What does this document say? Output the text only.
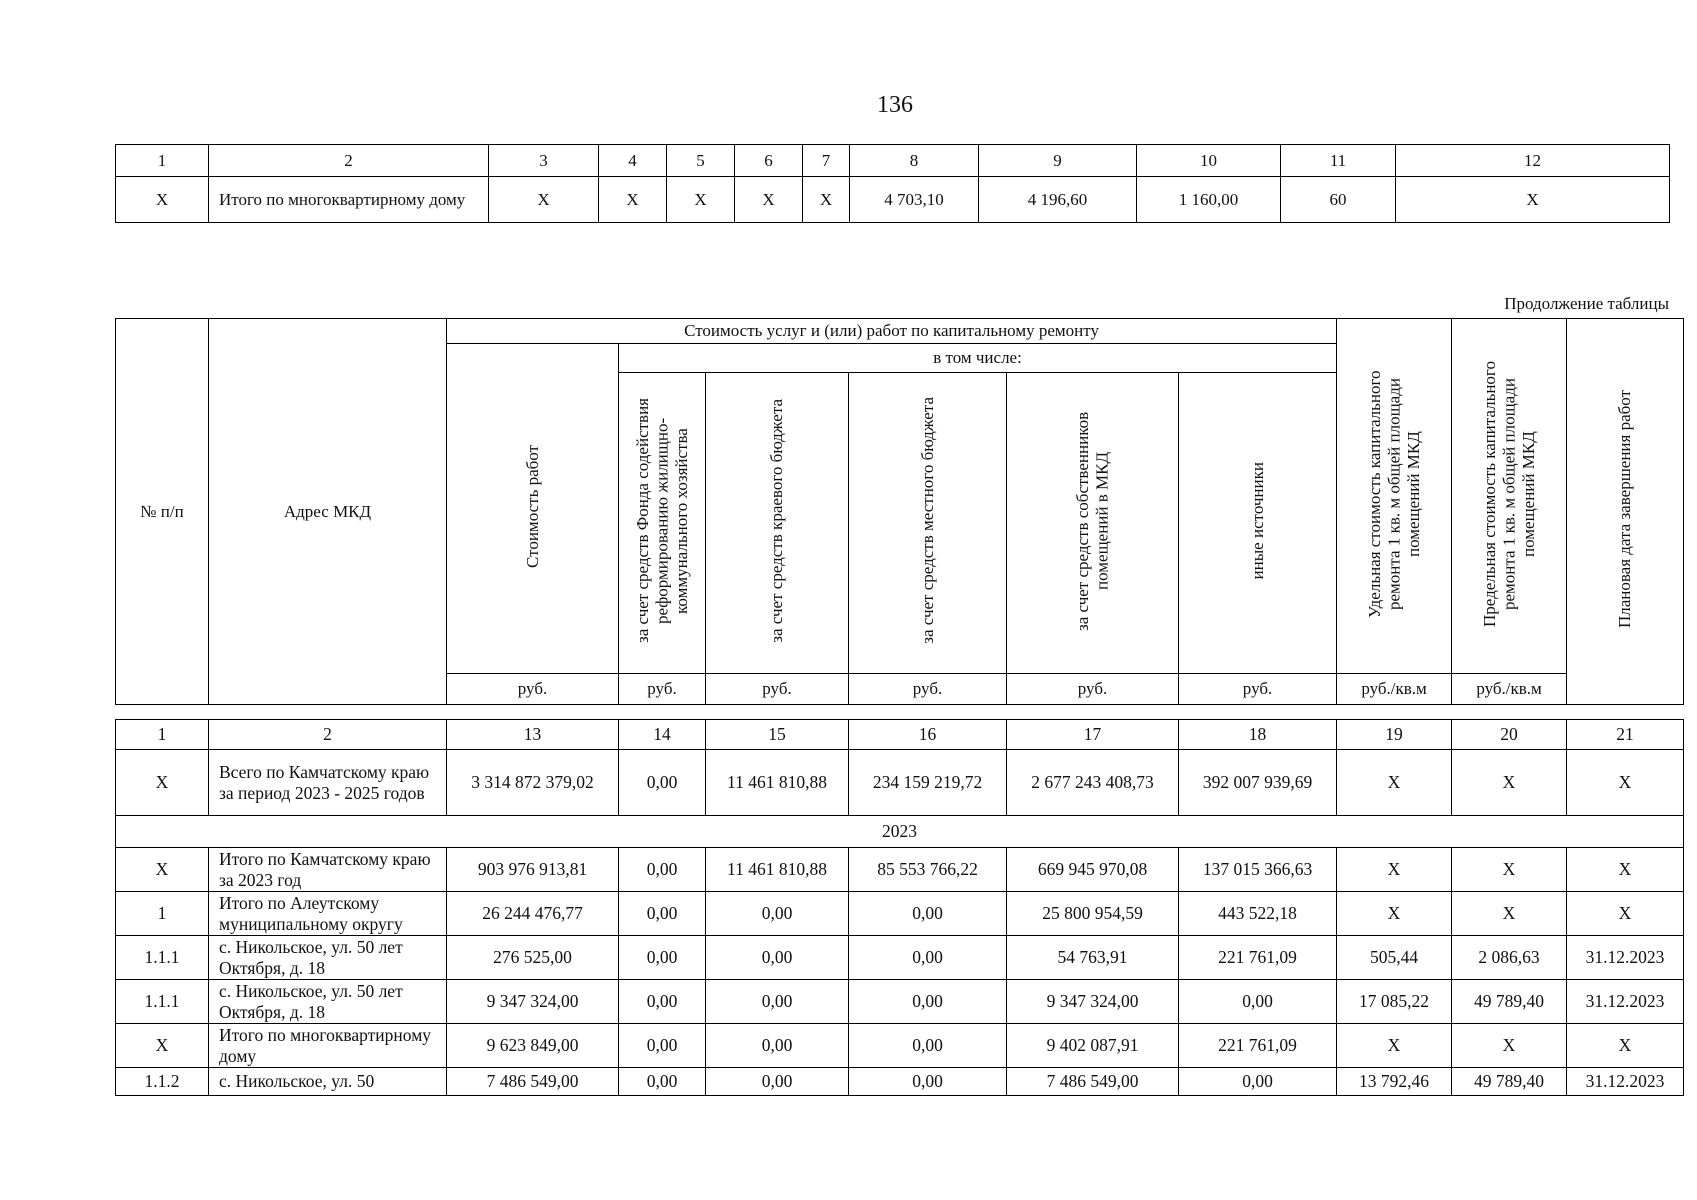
136
1	2	3	4	5	6	7	8	9	10	11	12
Х	Итого по многоквартирному дому	Х	Х	Х	Х	Х	4 703,10	4 196,60	1 160,00	60	Х
Продолжение таблицы
№ п/п	Адрес МКД	Стоимость услуг и (или) работ по капитальному ремонту						Удельная стоимость капитального ремонта 1 кв. м общей площади помещений МКД	Предельная стоимость капитального ремонта 1 кв. м общей площади помещений МКД	Плановая дата завершения работ
		Стоимость работ	в том числе:							
			за счет средств Фонда содействия реформированию жилищно-коммунального хозяйства	за счет средств краевого бюджета	за счет средств местного бюджета	за счет средств собственников помещений в МКД	иные источники			
		руб.	руб.	руб.	руб.	руб.	руб.	руб./кв.м	руб./кв.м	
1	2	13	14	15	16	17	18	19	20	21
Х	Всего по Камчатскому краю за период 2023 - 2025 годов	3 314 872 379,02	0,00	11 461 810,88	234 159 219,72	2 677 243 408,73	392 007 939,69	Х	Х	Х
2023										
Х	Итого по Камчатскому краю за 2023 год	903 976 913,81	0,00	11 461 810,88	85 553 766,22	669 945 970,08	137 015 366,63	Х	Х	Х
1	Итого по Алеутскому муниципальному округу	26 244 476,77	0,00	0,00	0,00	25 800 954,59	443 522,18	Х	Х	Х
1.1.1	с. Никольское, ул. 50 лет Октября, д. 18	276 525,00	0,00	0,00	0,00	54 763,91	221 761,09	505,44	2 086,63	31.12.2023
1.1.1	с. Никольское, ул. 50 лет Октября, д. 18	9 347 324,00	0,00	0,00	0,00	9 347 324,00	0,00	17 085,22	49 789,40	31.12.2023
Х	Итого по многоквартирному дому	9 623 849,00	0,00	0,00	0,00	9 402 087,91	221 761,09	Х	Х	Х
1.1.2	с. Никольское, ул. 50	7 486 549,00	0,00	0,00	0,00	7 486 549,00	0,00	13 792,46	49 789,40	31.12.2023
